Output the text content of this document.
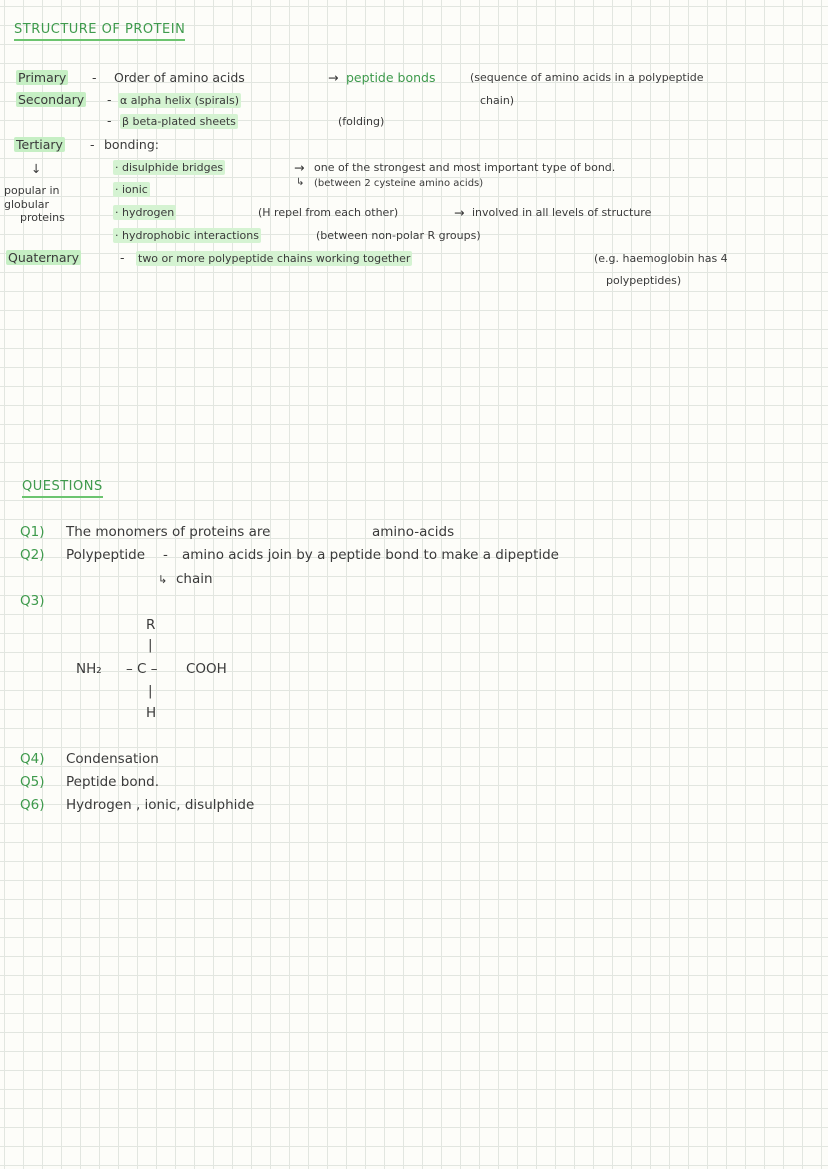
STRUCTURE OF PROTEIN
Primary - Order of amino acids	→ peptide bonds	(sequence of amino acids in a polypeptide
chain)
Secondary - α alpha helix (spirals)
- β beta-plated sheets	(folding)
Tertiary - bonding:
↓
popular in
globular
proteins
· disulphide bridges	→ one of the strongest and most important type of bond.
↳ (between 2 cysteine amino acids)
· ionic
· hydrogen	(H repel from each other)	→ involved in all levels of structure
· hydrophobic interactions	(between non-polar R groups)
Quaternary	- two or more polypeptide chains working together	(e.g. haemoglobin has 4
polypeptides)
QUESTIONS
Q1) The monomers of proteins are	amino-acids
Q2) Polypeptide - amino acids join by a peptide bond to make a dipeptide
↳ chain
Q3)
R
|
NH₂ – C – COOH
|
H
Q4) Condensation
Q5) Peptide bond.
Q6) Hydrogen , ionic, disulphide
